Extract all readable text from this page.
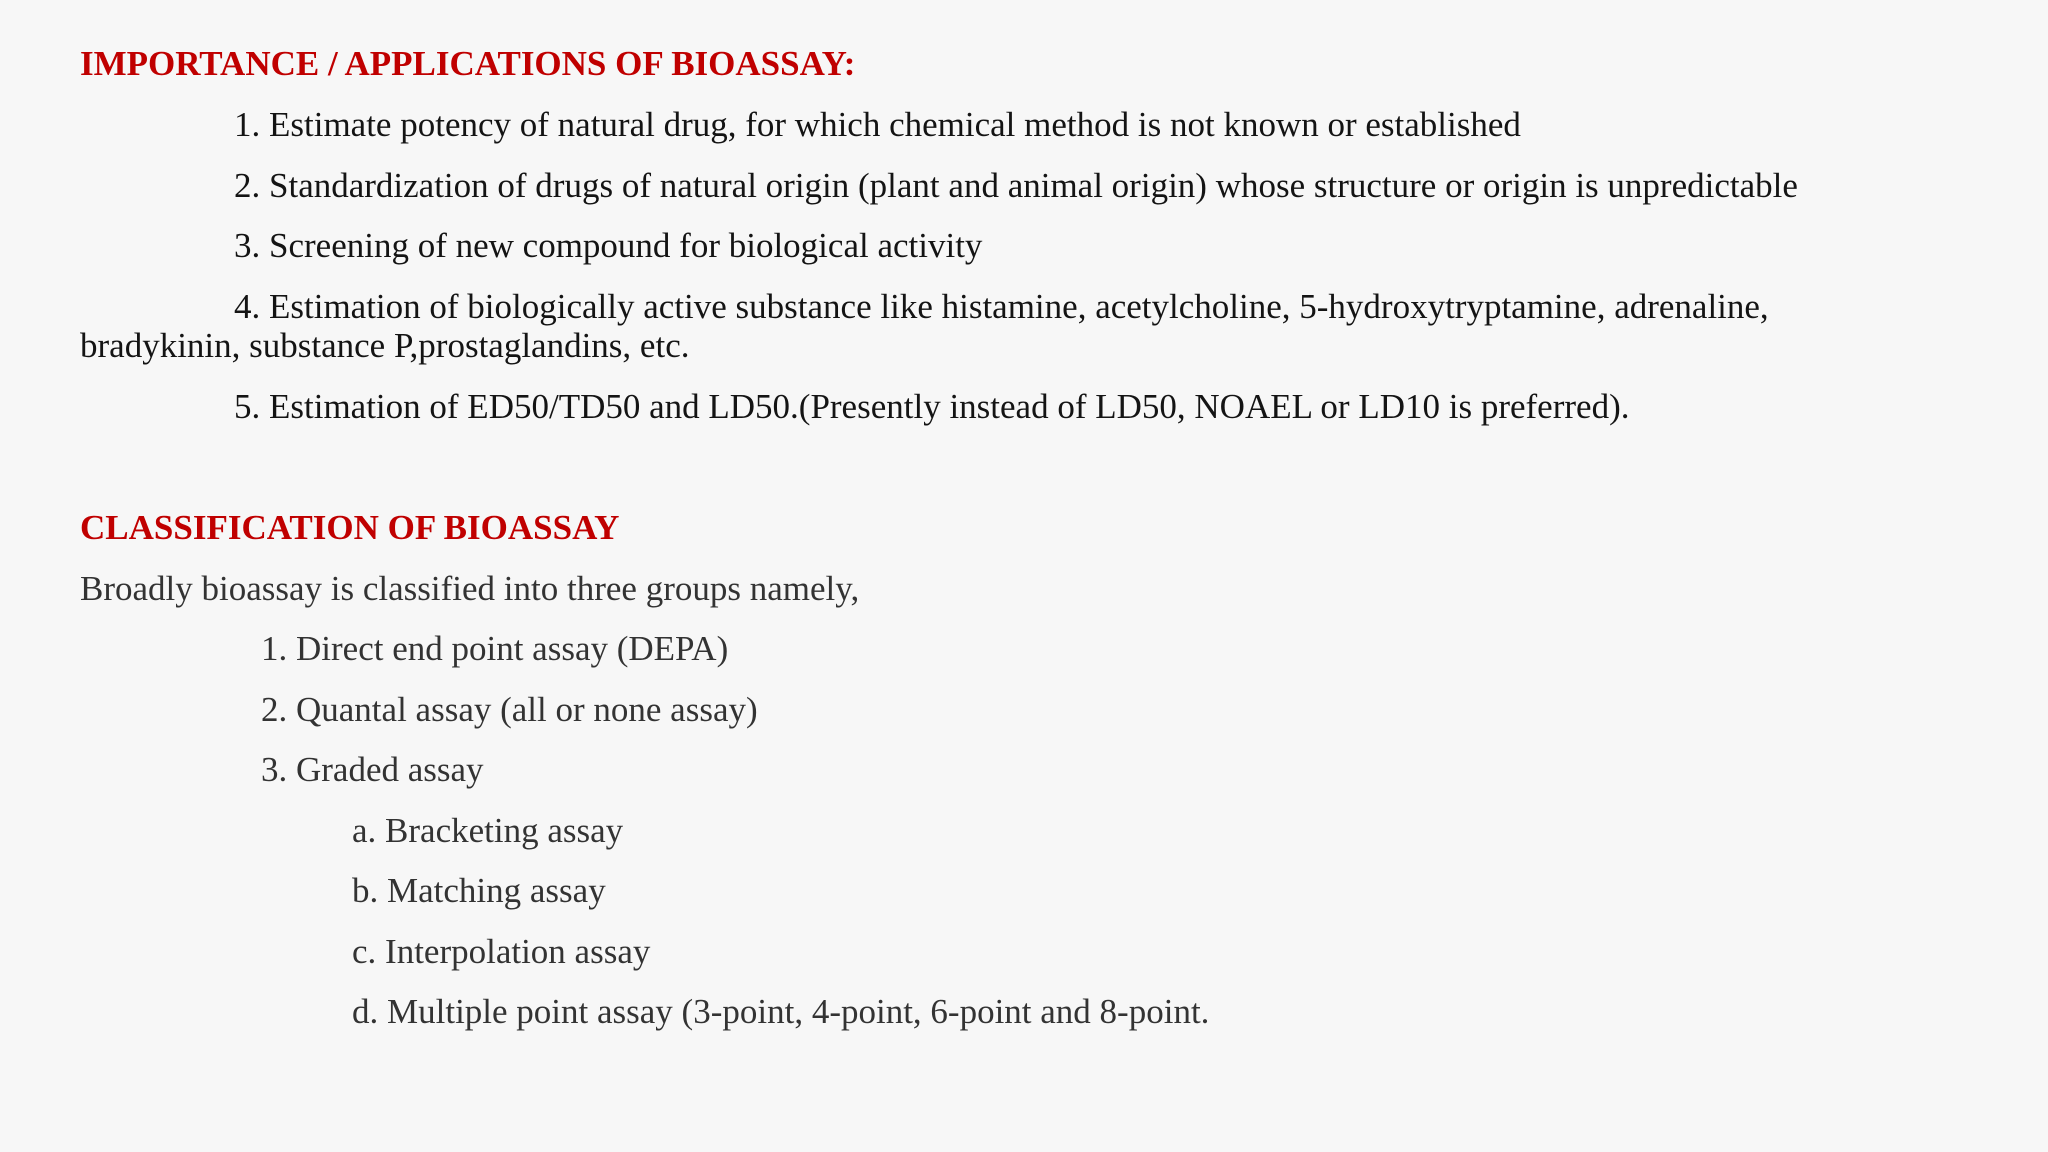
IMPORTANCE / APPLICATIONS OF BIOASSAY:
1. Estimate potency of natural drug, for which chemical method is not known or established
2. Standardization of drugs of natural origin (plant and animal origin) whose structure or origin is unpredictable
3. Screening of new compound for biological activity
4. Estimation of biologically active substance like histamine, acetylcholine, 5-hydroxytryptamine, adrenaline,
bradykinin, substance P,prostaglandins, etc.
5. Estimation of ED50/TD50 and LD50.(Presently instead of LD50, NOAEL or LD10 is preferred).
CLASSIFICATION OF BIOASSAY
Broadly bioassay is classified into three groups namely,
1. Direct end point assay (DEPA)
2. Quantal assay (all or none assay)
3. Graded assay
a. Bracketing assay
b. Matching assay
c. Interpolation assay
d. Multiple point assay (3-point, 4-point, 6-point and 8-point.
